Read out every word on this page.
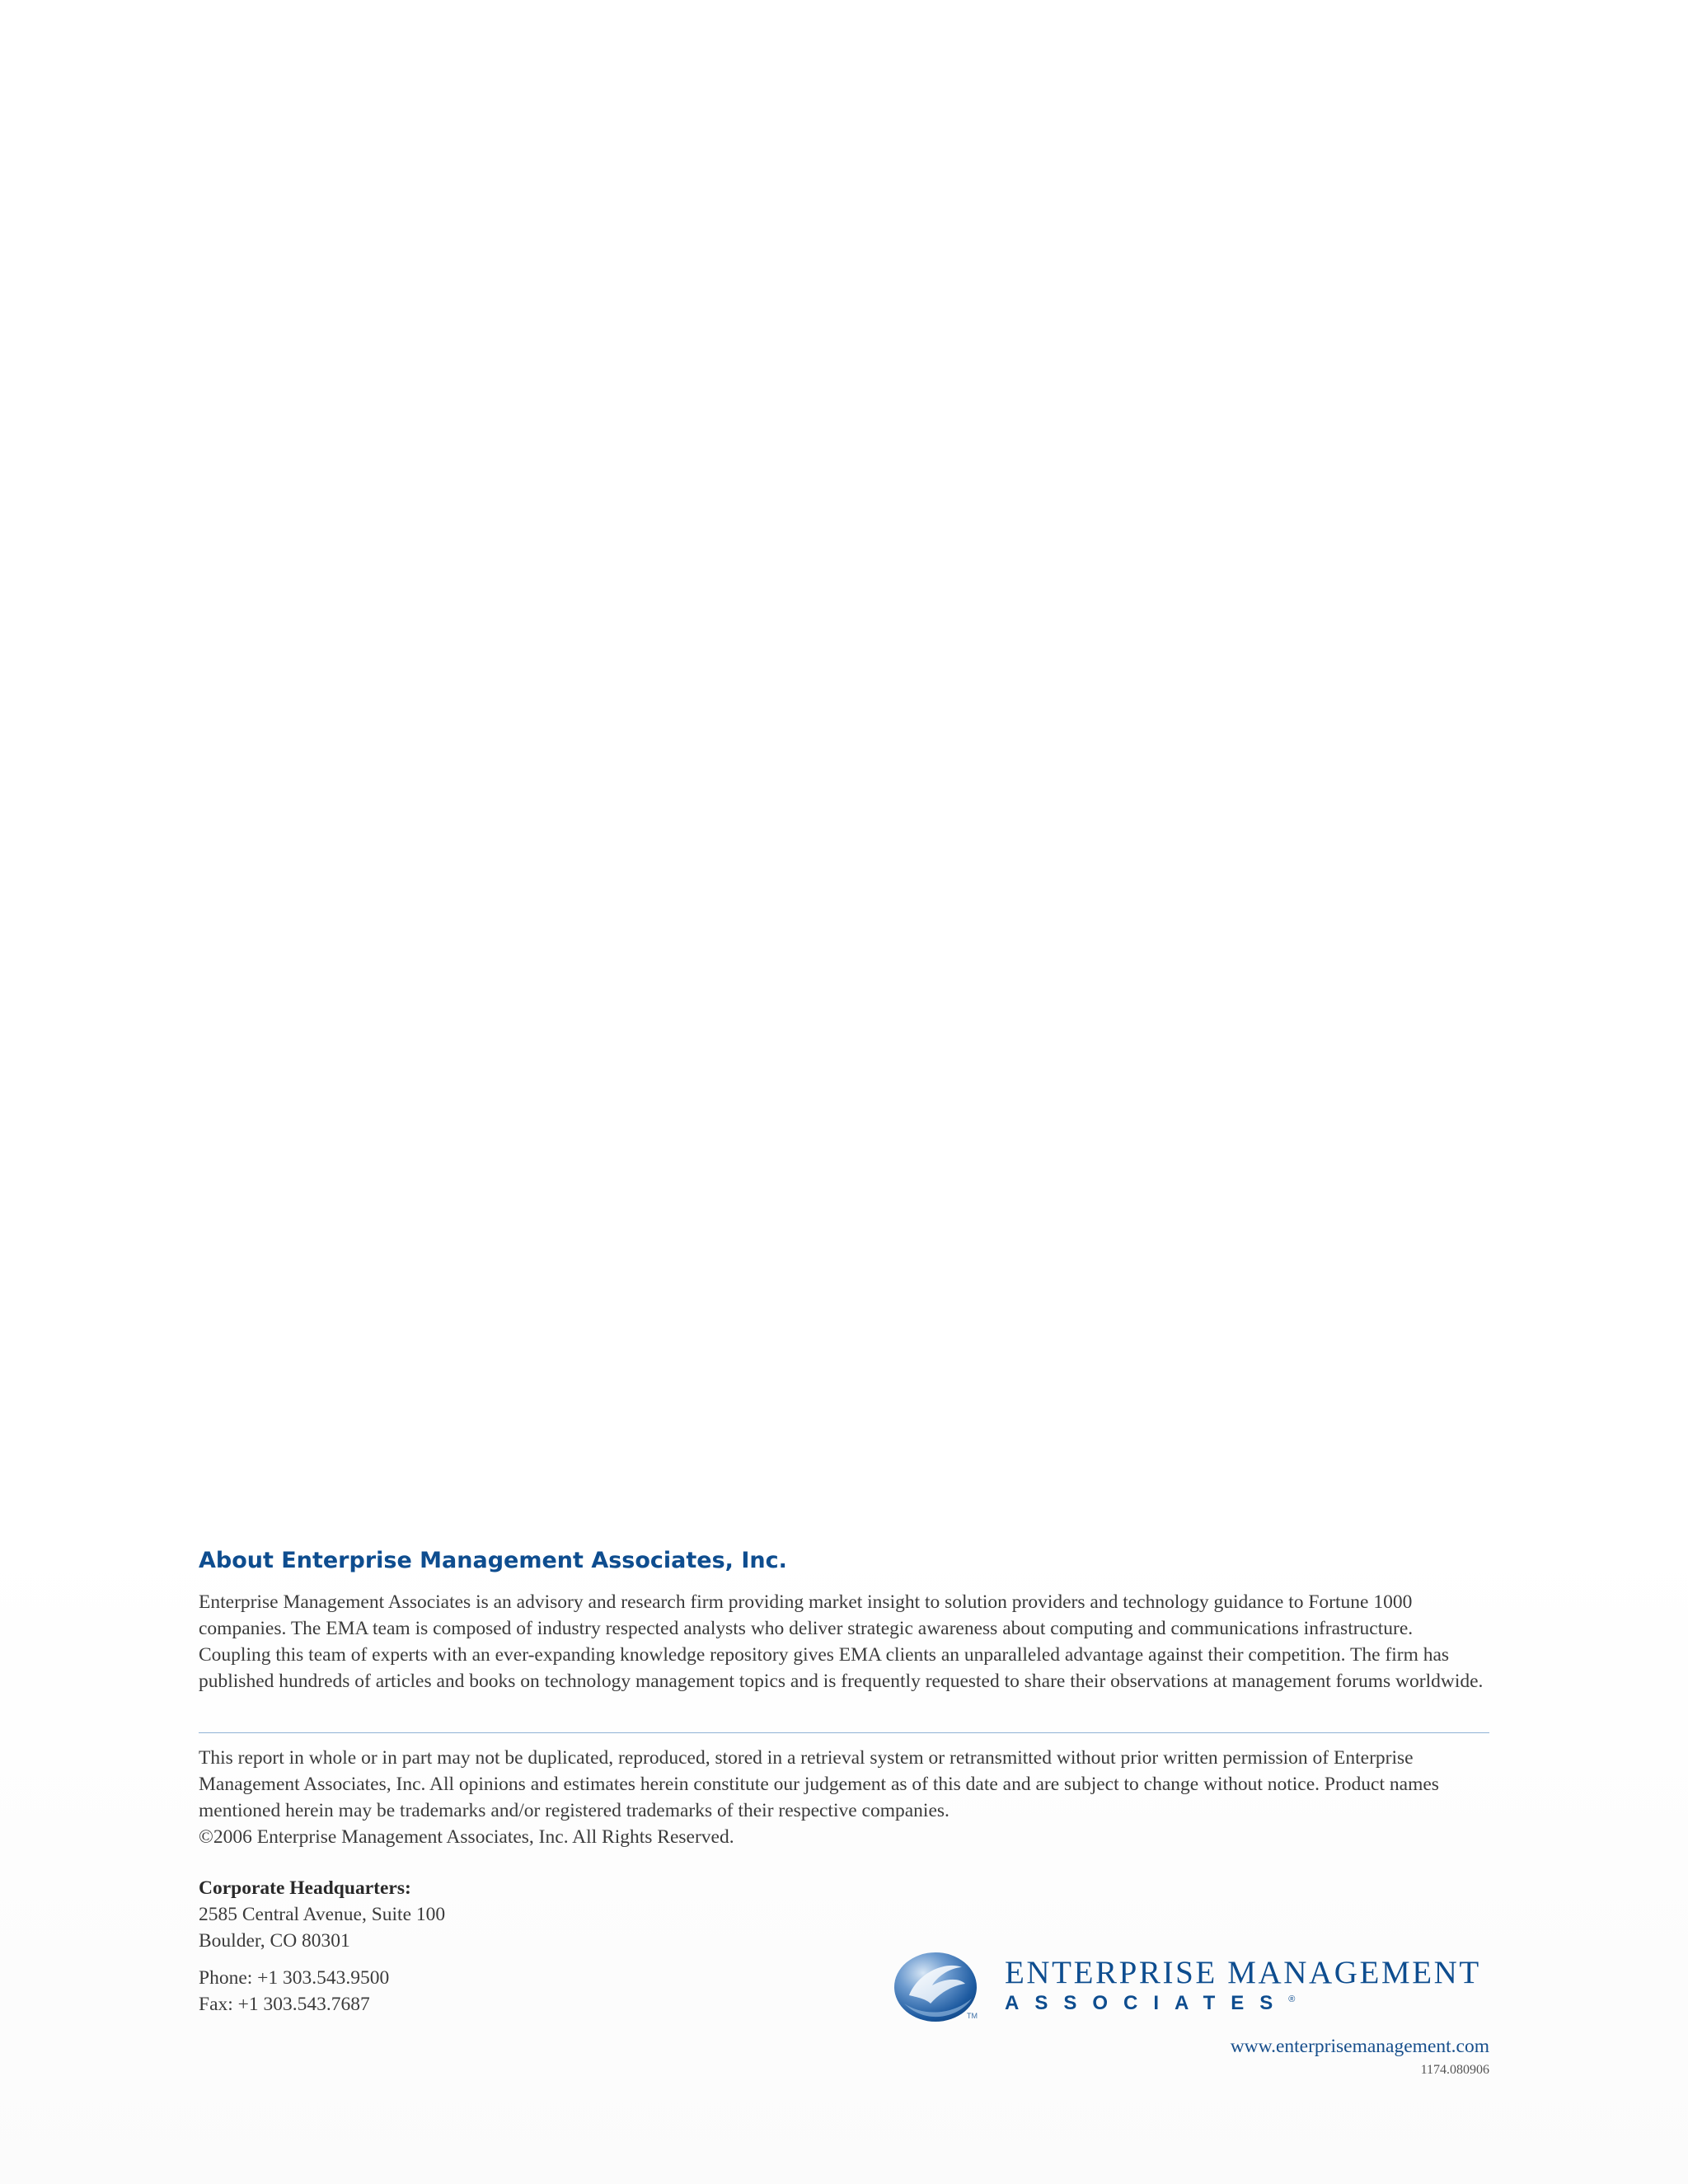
About Enterprise Management Associates, Inc.
Enterprise Management Associates is an advisory and research firm providing market insight to solution providers and technology guidance to Fortune 1000 companies. The EMA team is composed of industry respected analysts who deliver strategic awareness about computing and communications infrastructure. Coupling this team of experts with an ever-expanding knowledge repository gives EMA clients an unparalleled advantage against their competition. The firm has published hundreds of articles and books on technology management topics and is frequently requested to share their observations at management forums worldwide.
This report in whole or in part may not be duplicated, reproduced, stored in a retrieval system or retransmitted without prior written permission of Enterprise Management Associates, Inc. All opinions and estimates herein constitute our judgement as of this date and are subject to change without notice. Product names mentioned herein may be trademarks and/or registered trademarks of their respective companies.
©2006 Enterprise Management Associates, Inc. All Rights Reserved.
Corporate Headquarters:
2585 Central Avenue, Suite 100
Boulder, CO 80301
Phone: +1 303.543.9500
Fax: +1 303.543.7687
TM
ENTERPRISE MANAGEMENT
ASSOCIATES®
www.enterprisemanagement.com
1174.080906
